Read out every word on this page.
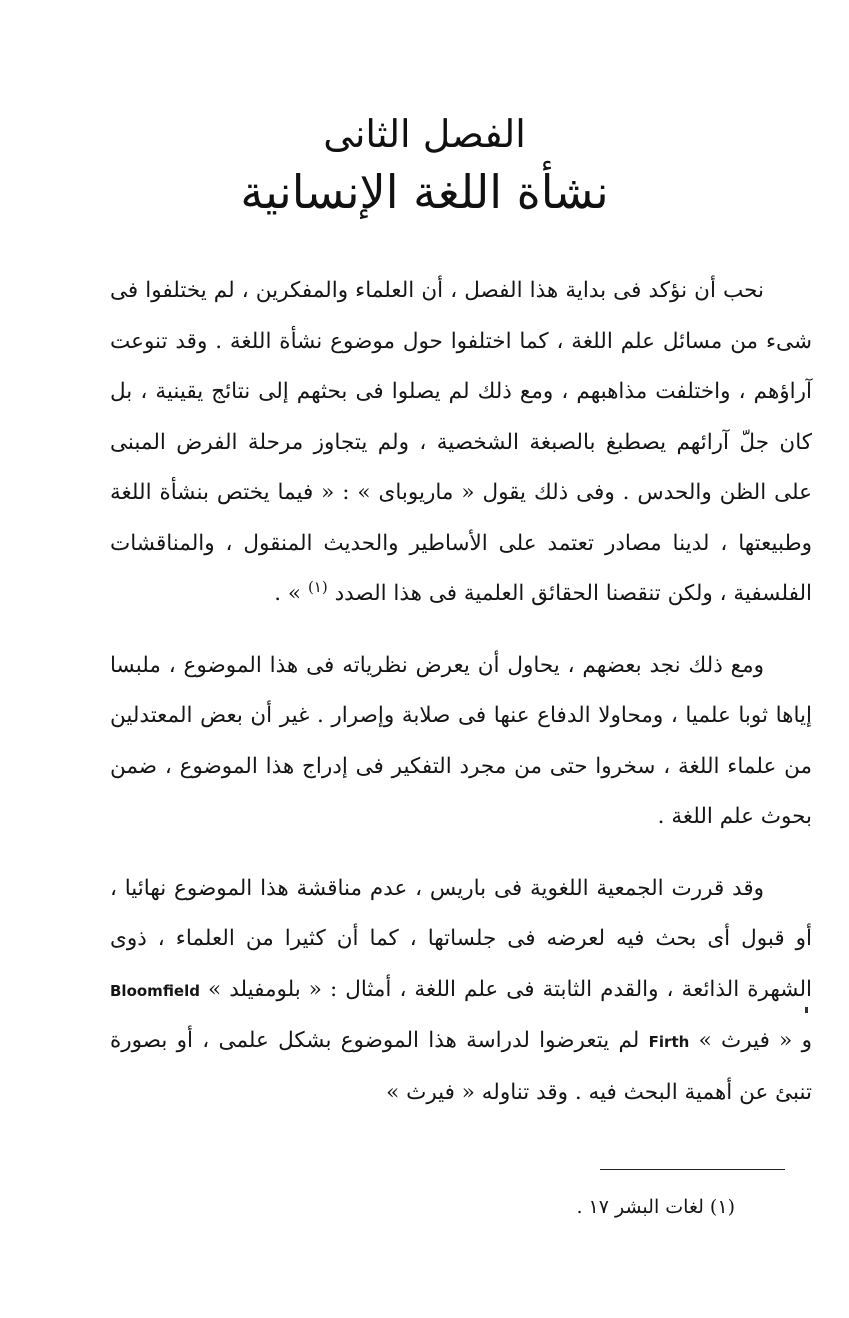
الفصل الثانى
نشأة اللغة الإنسانية

نحب أن نؤكد فى بداية هذا الفصل ، أن العلماء والمفكرين ، لم يختلفوا فى شىء من مسائل علم اللغة ، كما اختلفوا حول موضوع نشأة اللغة . وقد تنوعت آراؤهم ، واختلفت مذاهبهم ، ومع ذلك لم يصلوا فى بحثهم إلى نتائج يقينية ، بل كان جلّ آرائهم يصطبغ بالصبغة الشخصية ، ولم يتجاوز مرحلة الفرض المبنى على الظن والحدس . وفى ذلك يقول « ماريوباى » : « فيما يختص بنشأة اللغة وطبيعتها ، لدينا مصادر تعتمد على الأساطير والحديث المنقول ، والمناقشات الفلسفية ، ولكن تنقصنا الحقائق العلمية فى هذا الصدد $^{(١)}$ » .

ومع ذلك نجد بعضهم ، يحاول أن يعرض نظرياته فى هذا الموضوع ، ملبسا إياها ثوبا علميا ، ومحاولا الدفاع عنها فى صلابة وإصرار . غير أن بعض المعتدلين من علماء اللغة ، سخروا حتى من مجرد التفكير فى إدراج هذا الموضوع ، ضمن بحوث علم اللغة .

وقد قررت الجمعية اللغوية فى باريس ، عدم مناقشة هذا الموضوع نهائيا ، أو قبول أى بحث فيه لعرضه فى جلساتها ، كما أن كثيرا من العلماء ، ذوى الشهرة الذائعة ، والقدم الثابتة فى علم اللغة ، أمثال : « بلومفيلد » Bloomfield و « فيرث » Firth لم يتعرضوا لدراسة هذا الموضوع بشكل علمى ، أو بصورة تنبئ عن أهمية البحث فيه . وقد تناوله « فيرث »

(١) لغات البشر ١٧ .
